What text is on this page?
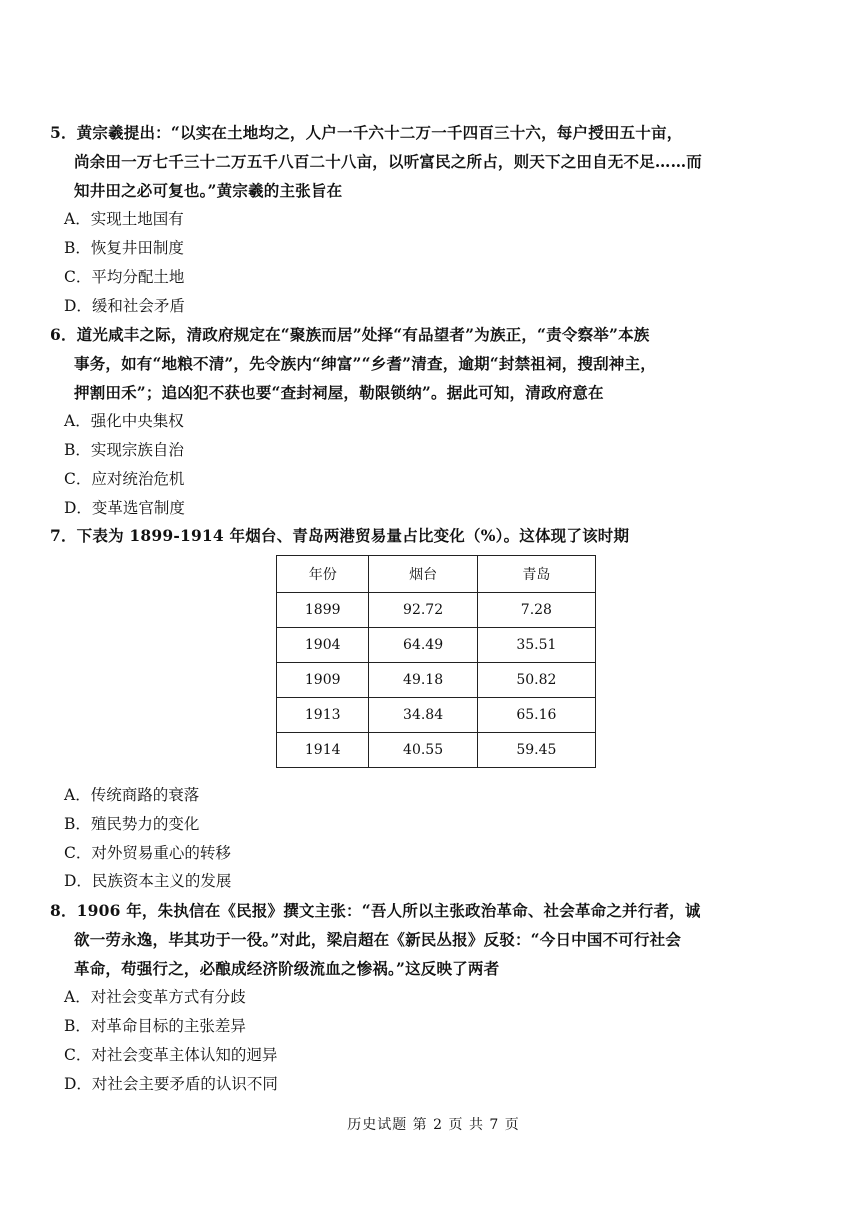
5．黄宗羲提出：“以实在土地均之，人户一千六十二万一千四百三十六，每户授田五十亩，
尚余田一万七千三十二万五千八百二十八亩，以听富民之所占，则天下之田自无不足……而
知井田之必可复也。”黄宗羲的主张旨在
A．实现土地国有
B．恢复井田制度
C．平均分配土地
D．缓和社会矛盾
6．道光咸丰之际，清政府规定在“聚族而居”处择“有品望者”为族正，“责令察举”本族
事务，如有“地粮不清”，先令族内“绅富”“乡耆”清查，逾期“封禁祖祠，搜刮神主，
押割田禾”；追凶犯不获也要“查封祠屋，勒限锁纳”。据此可知，清政府意在
A．强化中央集权
B．实现宗族自治
C．应对统治危机
D．变革选官制度
7．下表为 1899-1914 年烟台、青岛两港贸易量占比变化（%）。这体现了该时期
年份	烟台	青岛
1899	92.72	7.28
1904	64.49	35.51
1909	49.18	50.82
1913	34.84	65.16
1914	40.55	59.45
A．传统商路的衰落
B．殖民势力的变化
C．对外贸易重心的转移
D．民族资本主义的发展
8．1906 年，朱执信在《民报》撰文主张：“吾人所以主张政治革命、社会革命之并行者，诚
欲一劳永逸，毕其功于一役。”对此，梁启超在《新民丛报》反驳：“今日中国不可行社会
革命，苟强行之，必酿成经济阶级流血之惨祸。”这反映了两者
A．对社会变革方式有分歧
B．对革命目标的主张差异
C．对社会变革主体认知的迥异
D．对社会主要矛盾的认识不同
历史试题 第 2 页 共 7 页
